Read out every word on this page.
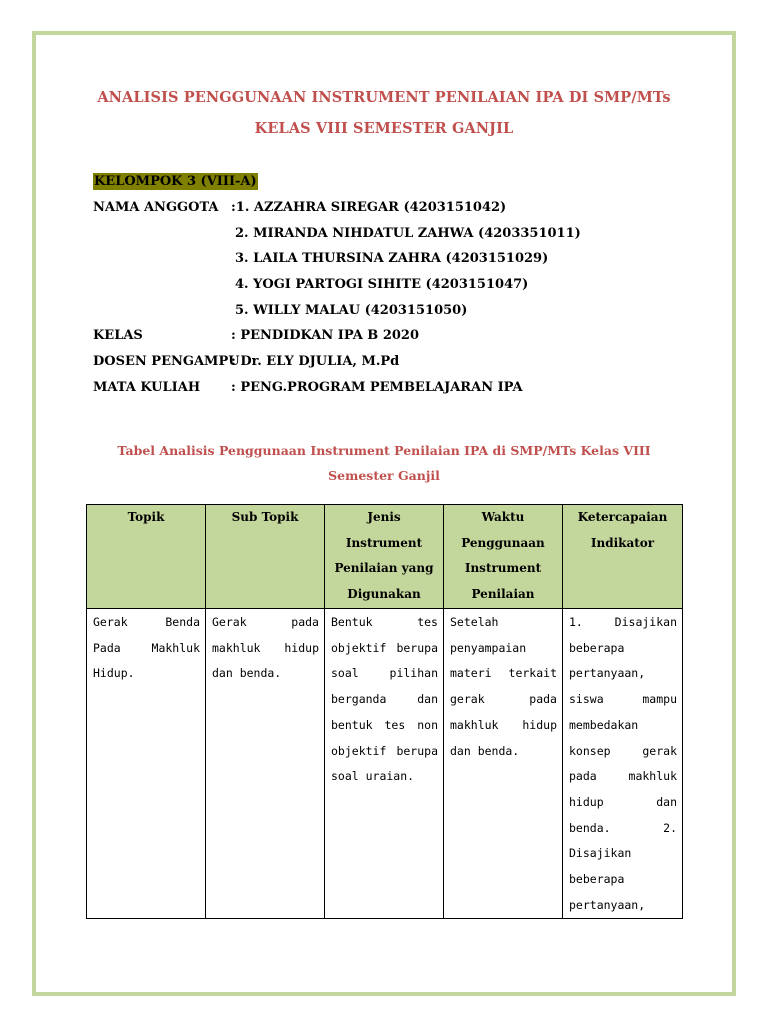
ANALISIS PENGGUNAAN INSTRUMENT PENILAIAN IPA DI SMP/MTs
KELAS VIII SEMESTER GANJIL
KELOMPOK 3 (VIII-A)
NAMA ANGGOTA :1. AZZAHRA SIREGAR (4203151042)
2. MIRANDA NIHDATUL ZAHWA (4203351011)
3. LAILA THURSINA ZAHRA (4203151029)
4. YOGI PARTOGI SIHITE (4203151047)
5. WILLY MALAU (4203151050)
KELAS	: PENDIDKAN IPA B 2020
DOSEN PENGAMPU
: Dr. ELY DJULIA, M.Pd
MATA KULIAH : PENG.PROGRAM PEMBELAJARAN IPA
Tabel Analisis Penggunaan Instrument Penilaian IPA di SMP/MTs Kelas VIII
Semester Ganjil
Topik	Sub Topik	Jenis Instrument Penilaian yang Digunakan	Waktu Penggunaan Instrument Penilaian	Ketercapaian Indikator

Gerak Benda Pada Makhluk Hidup.	Gerak pada makhluk hidup dan benda.	Bentuk tes objektif berupa soal pilihan berganda dan bentuk tes non objektif berupa soal uraian.	Setelah penyampaian materi terkait gerak pada makhluk hidup dan benda.	1. Disajikan beberapa pertanyaan, siswa mampu membedakan konsep gerak pada makhluk hidup dan benda. 2. Disajikan beberapa pertanyaan,
